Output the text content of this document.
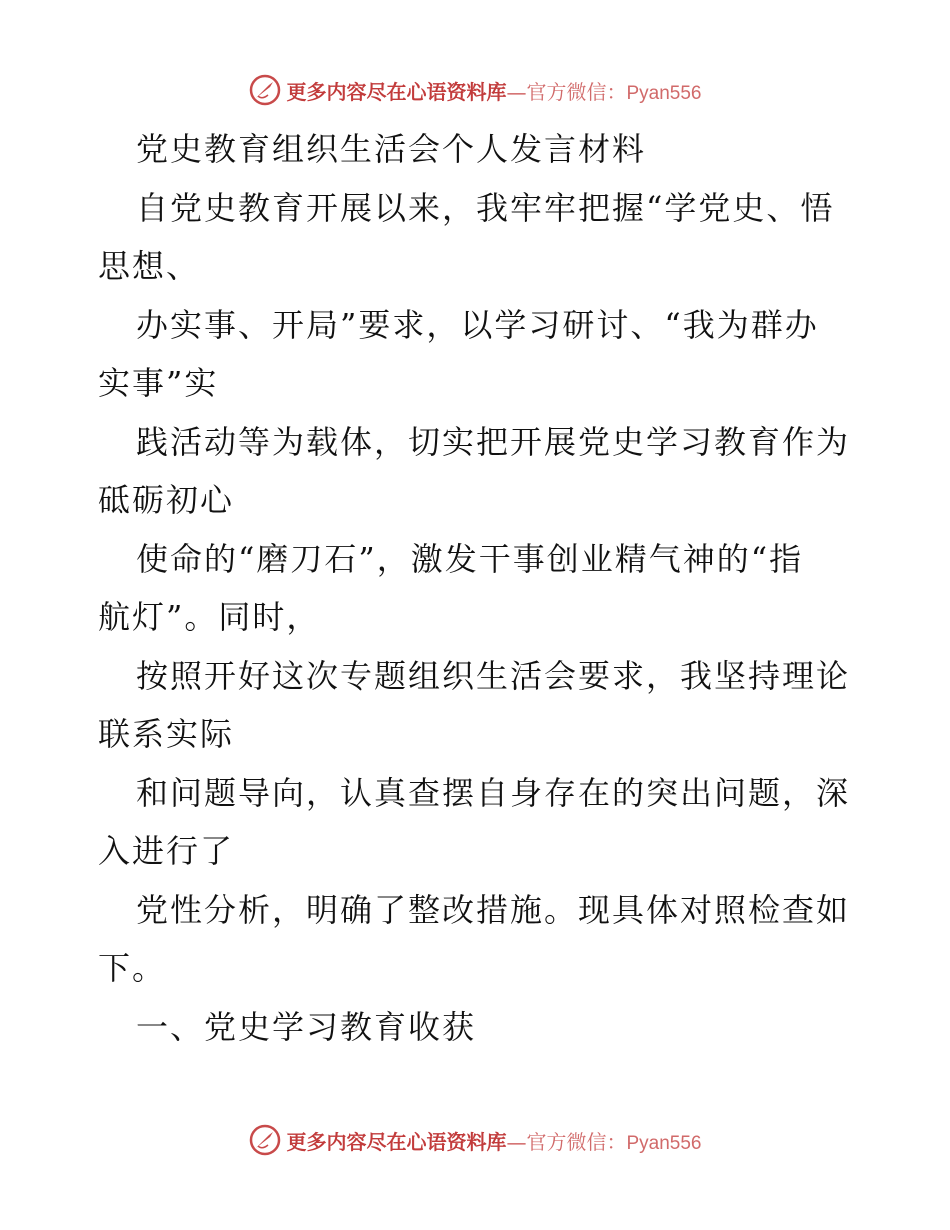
更多内容尽在心语资料库—官方微信：Pyan556
党史教育组织生活会个人发言材料
自党史教育开展以来，我牢牢把握“学党史、悟
思想、
办实事、开局”要求，以学习研讨、“我为群办
实事”实
践活动等为载体，切实把开展党史学习教育作为
砥砺初心
使命的“磨刀石”，激发干事创业精气神的“指
航灯”。同时，
按照开好这次专题组织生活会要求，我坚持理论
联系实际
和问题导向，认真查摆自身存在的突出问题，深
入进行了
党性分析，明确了整改措施。现具体对照检查如
下。
一、党史学习教育收获
更多内容尽在心语资料库—官方微信：Pyan556
